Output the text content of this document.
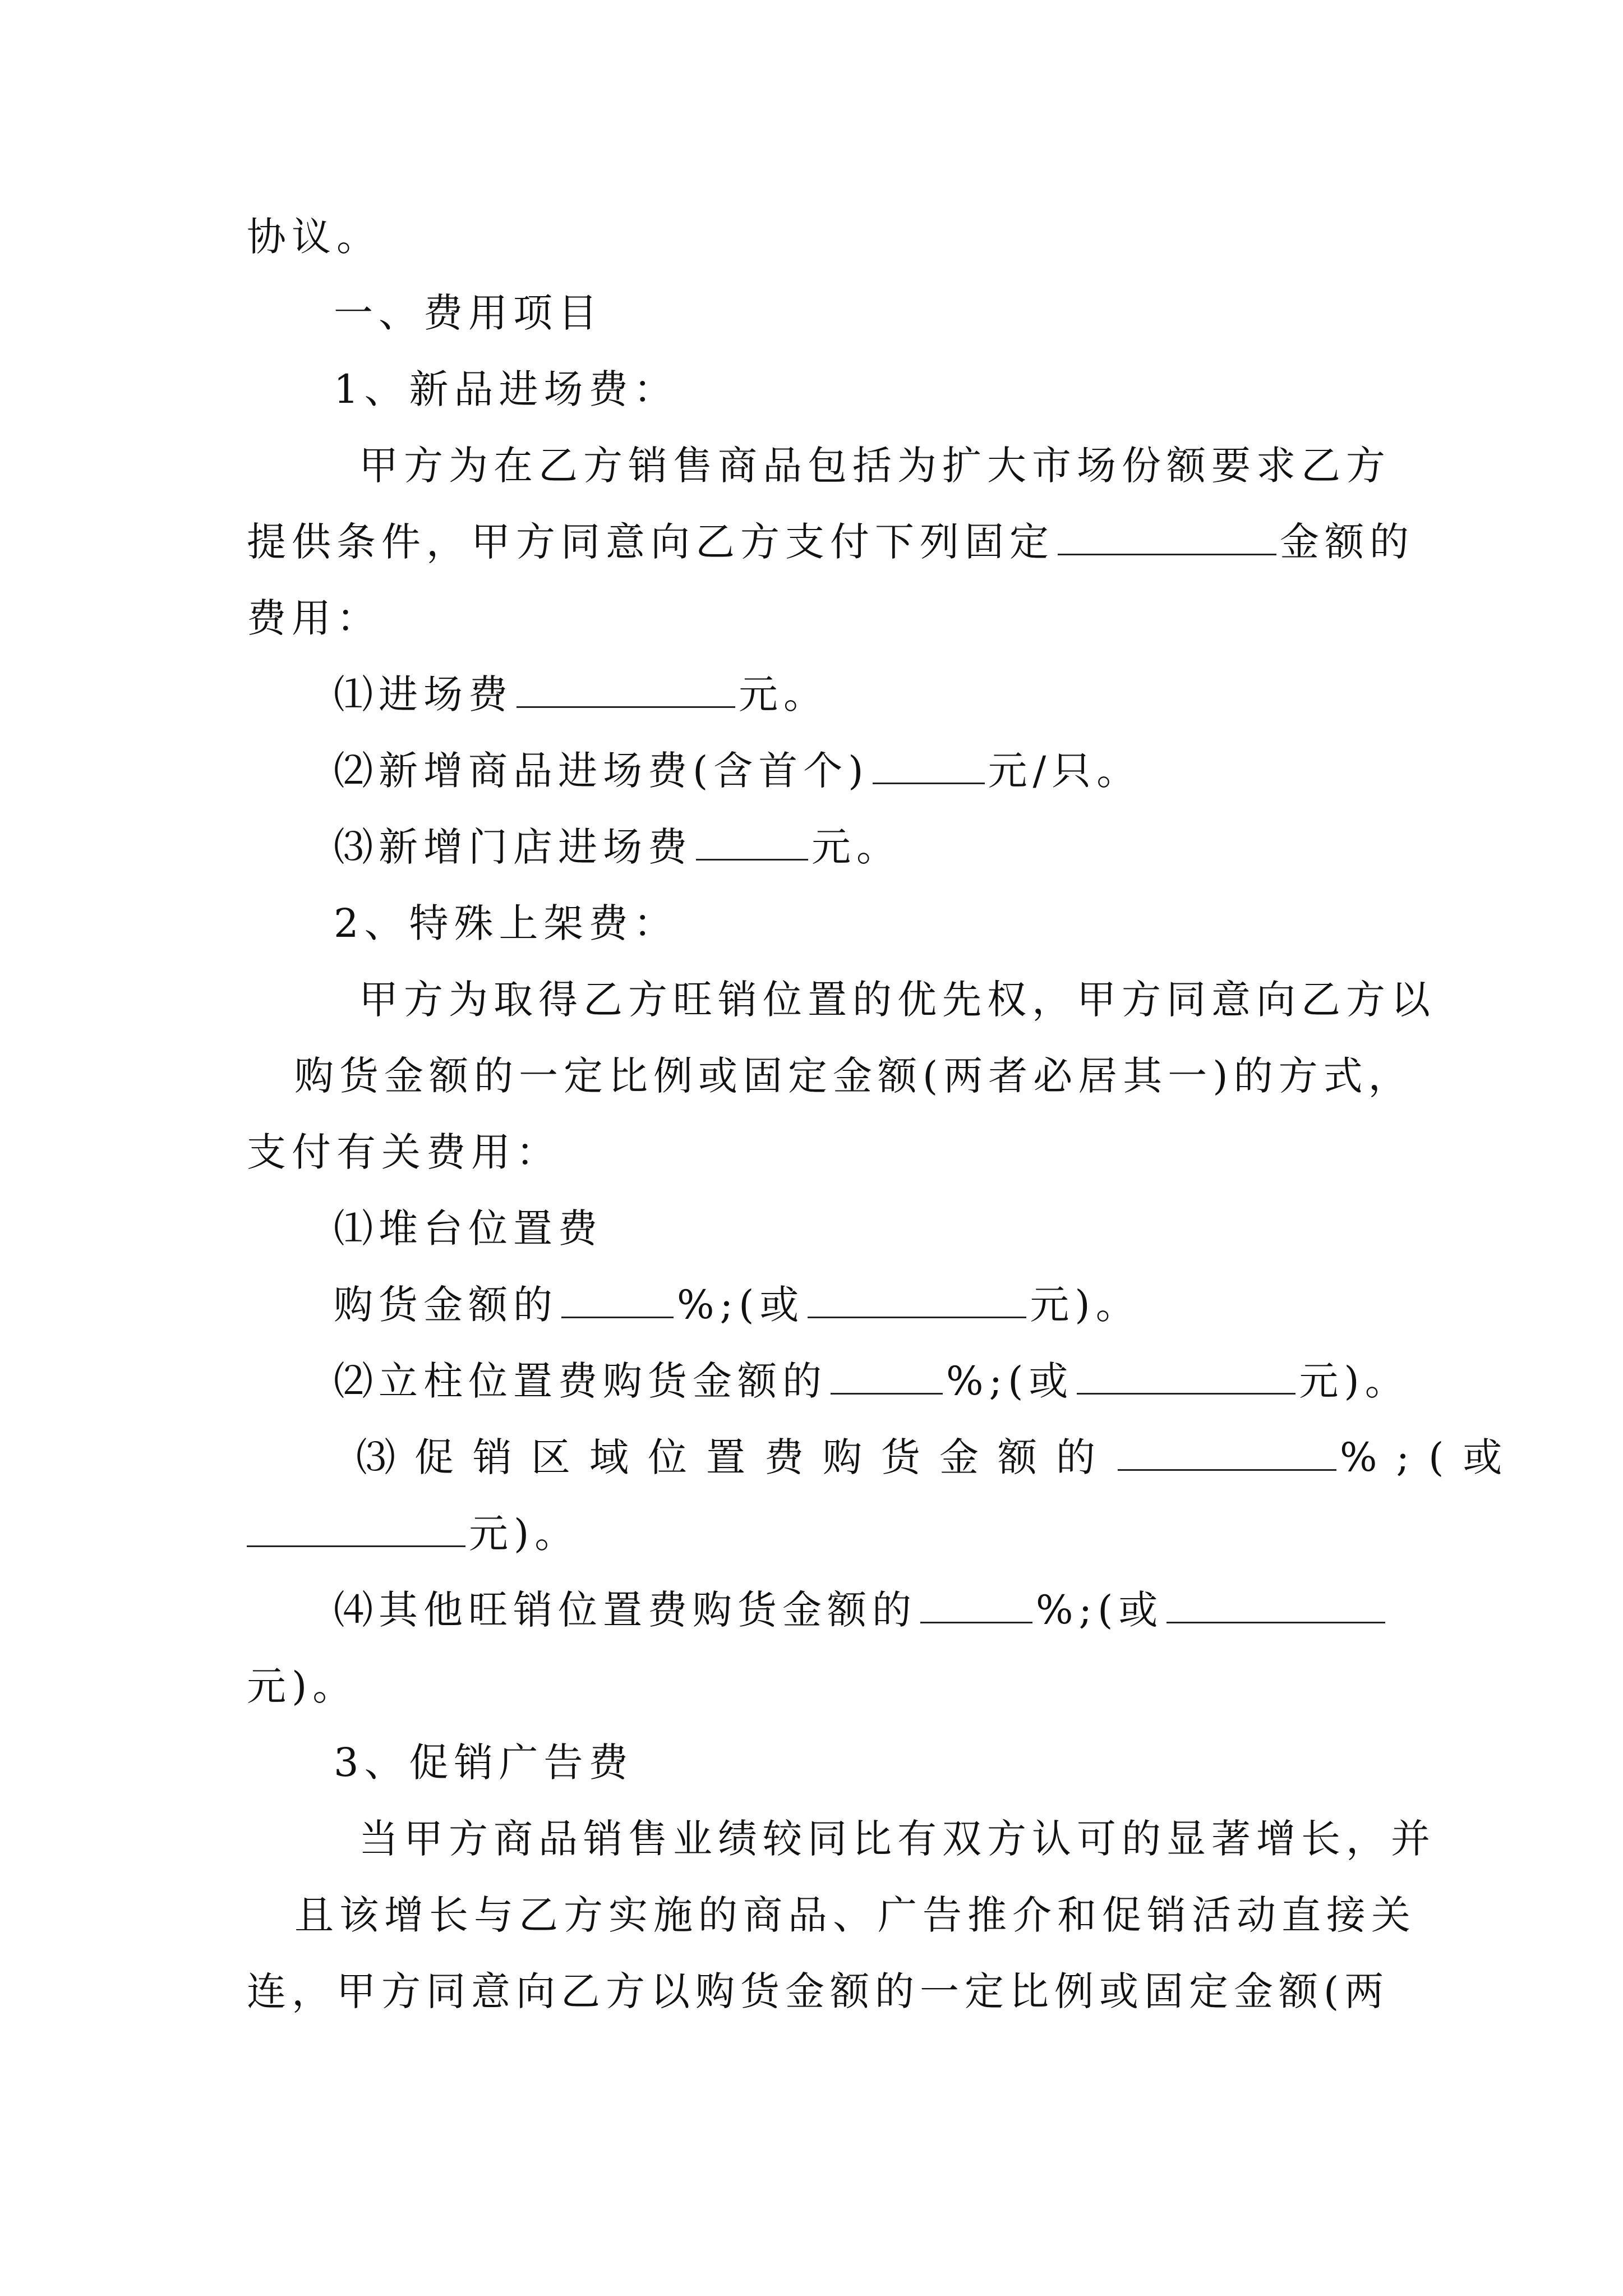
协议。
一、费用项目
1、新品进场费：
甲方为在乙方销售商品包括为扩大市场份额要求乙方
提供条件，甲方同意向乙方支付下列固定	金额的
费用：
⑴进场费	元。
⑵新增商品进场费(含首个)	元/只。
⑶新增门店进场费	元。
2、特殊上架费：
甲方为取得乙方旺销位置的优先权，甲方同意向乙方以
购货金额的一定比例或固定金额(两者必居其一)的方式，
支付有关费用：
⑴堆台位置费
购货金额的	%;(或	元)。
⑵立柱位置费购货金额的	%;(或	元)。
⑶促销区域位置费购货金额的	%;(或
元)。
⑷其他旺销位置费购货金额的	%;(或
元)。
3、促销广告费
当甲方商品销售业绩较同比有双方认可的显著增长，并
且该增长与乙方实施的商品、广告推介和促销活动直接关
连，甲方同意向乙方以购货金额的一定比例或固定金额(两
